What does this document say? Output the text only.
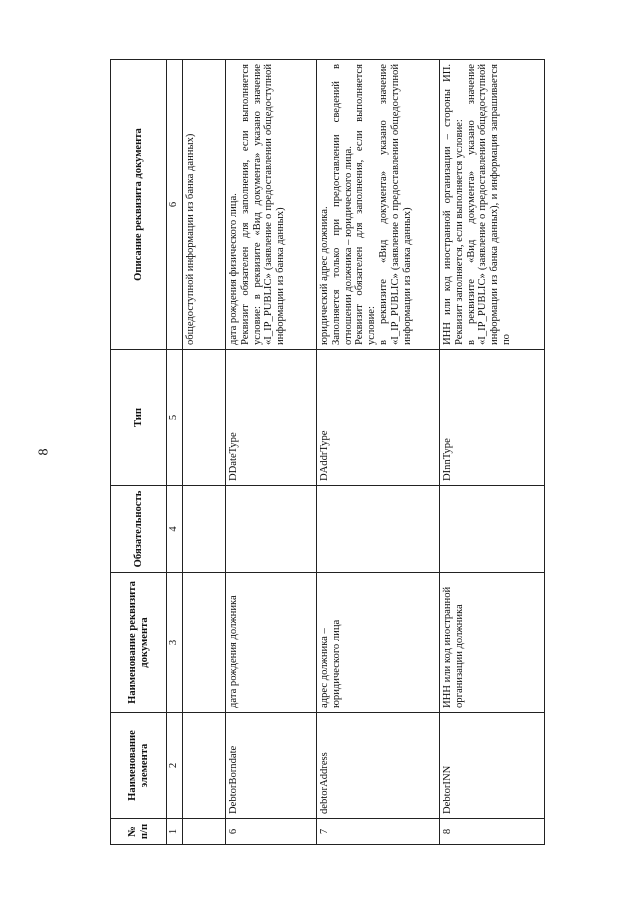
8
№ п/п	Наименование элемента	Наименование реквизита документа	Обязательность	Тип	Описание реквизита документа
1	2	3	4	5	6

					общедоступной информации из банка данных)

6	DebtorBorndate	дата рождения должника		DDateType	дата рождения физического лица. Реквизит обязателен для заполнения, если выполняется условие: в реквизите «Вид документа» указано значение «I_IP_PUBLIC» (заявление о предоставлении общедоступной информации из банка данных)

7	debtorAddress	адрес должника – юридического лица		DAddrType	юридический адрес должника. Заполняется только при предоставлении сведений в отношении должника – юридического лица. Реквизит обязателен для заполнения, если выполняется условие: в реквизите «Вид документа» указано значение «I_IP_PUBLIC» (заявление о предоставлении общедоступной информации из банка данных)

8	DebtorINN	ИНН или код иностранной организации должника		DInnType	ИНН или код иностранной организации – стороны ИП. Реквизит заполняется, если выполняется условие: в реквизите «Вид документа» указано значение «I_IP_PUBLIC» (заявление о предоставлении общедоступной информации из банка данных), и информация запрашивается по
